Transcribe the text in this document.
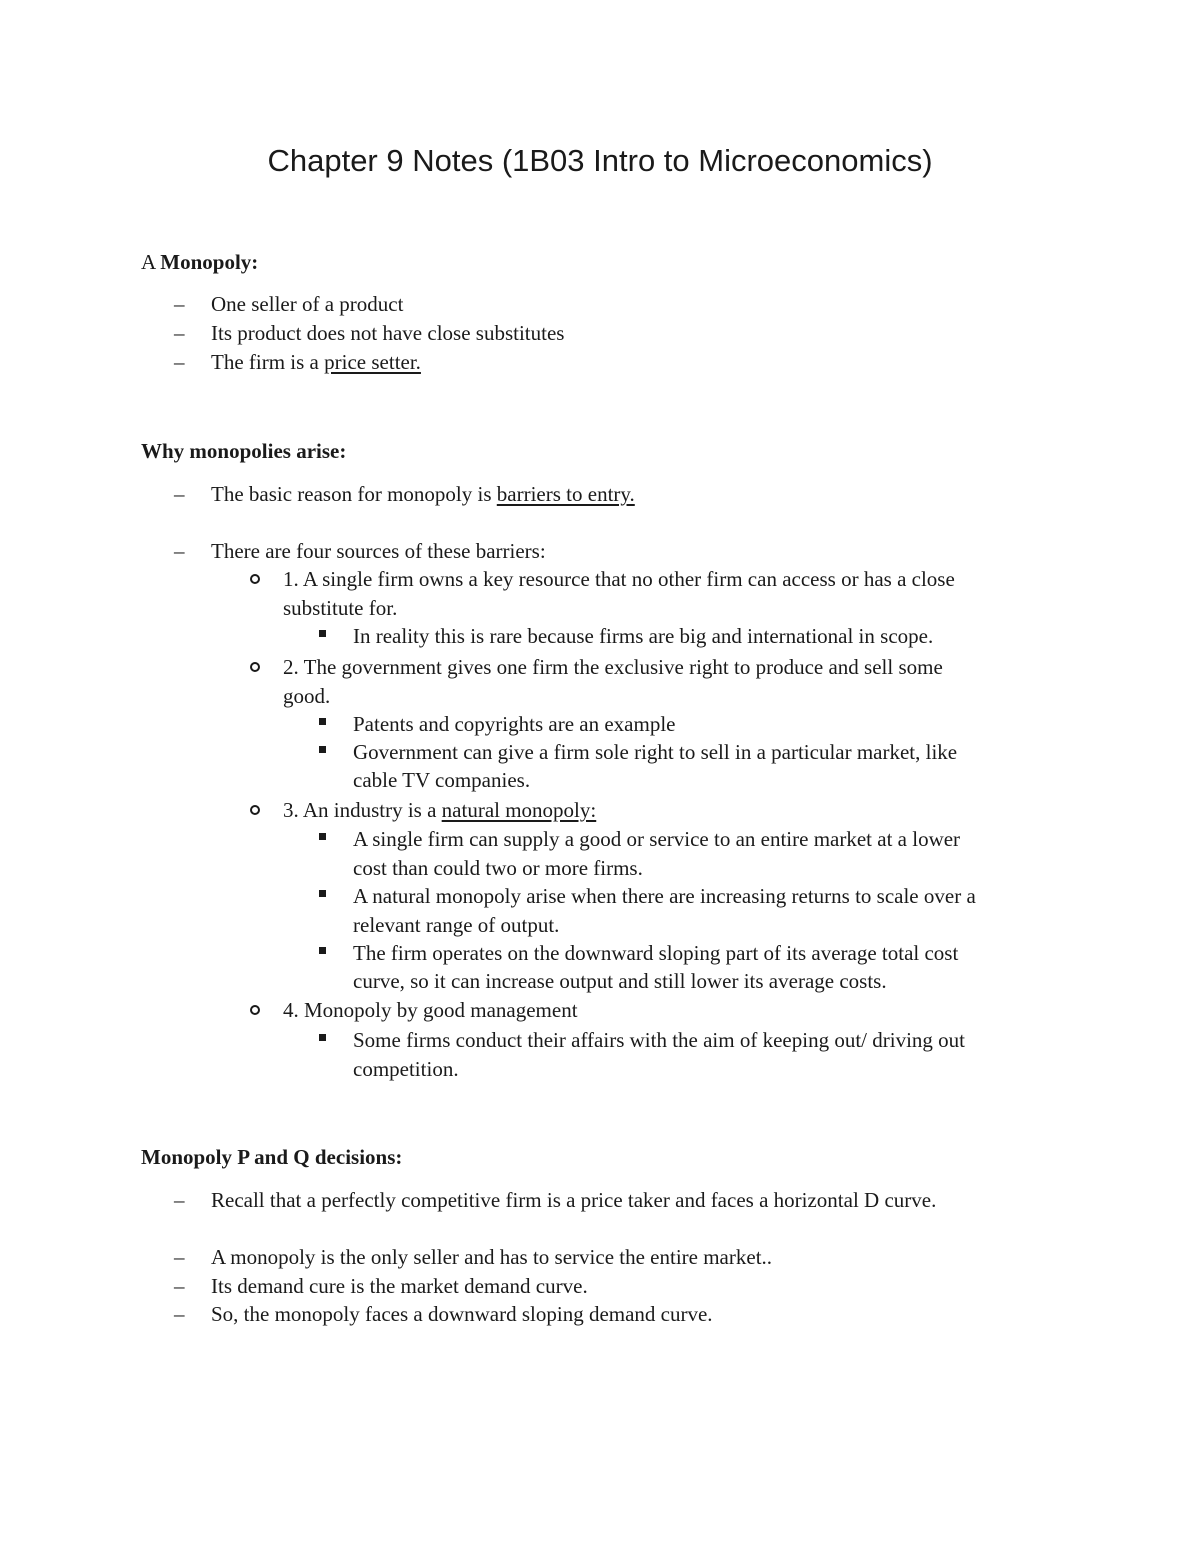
Chapter 9 Notes (1B03 Intro to Microeconomics)
A Monopoly:
– One seller of a product
– Its product does not have close substitutes
– The firm is a price setter.
Why monopolies arise:
– The basic reason for monopoly is barriers to entry.
– There are four sources of these barriers:
1. A single firm owns a key resource that no other firm can access or has a close
substitute for.
In reality this is rare because firms are big and international in scope.
2. The government gives one firm the exclusive right to produce and sell some
good.
Patents and copyrights are an example
Government can give a firm sole right to sell in a particular market, like
cable TV companies.
3. An industry is a natural monopoly:
A single firm can supply a good or service to an entire market at a lower
cost than could two or more firms.
A natural monopoly arise when there are increasing returns to scale over a
relevant range of output.
The firm operates on the downward sloping part of its average total cost
curve, so it can increase output and still lower its average costs.
4. Monopoly by good management
Some firms conduct their affairs with the aim of keeping out/ driving out
competition.
Monopoly P and Q decisions:
– Recall that a perfectly competitive firm is a price taker and faces a horizontal D curve.
– A monopoly is the only seller and has to service the entire market..
– Its demand cure is the market demand curve.
– So, the monopoly faces a downward sloping demand curve.
